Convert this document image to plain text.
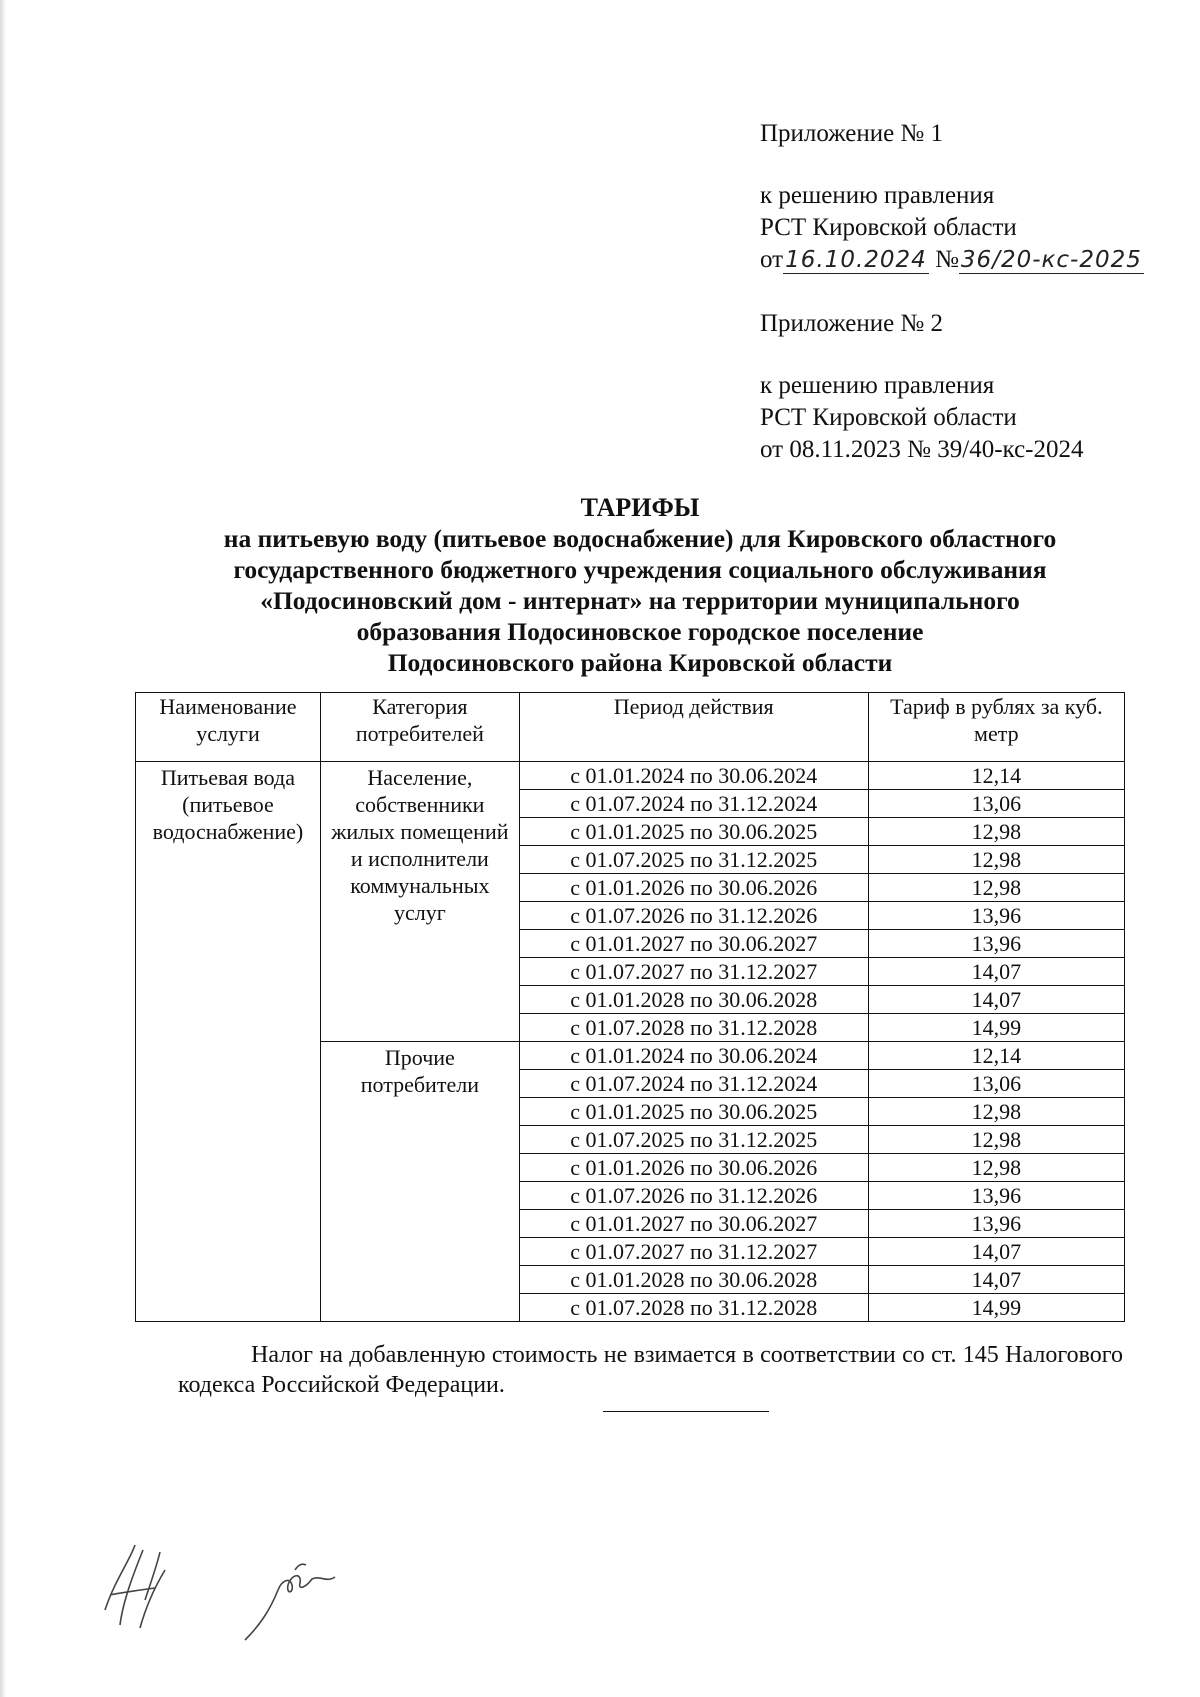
Приложение № 1
к решению правления
РСТ Кировской области
от16.10.2024 №36/20-кс-2025
Приложение № 2
к решению правления
РСТ Кировской области
от 08.11.2023 № 39/40-кс-2024
ТАРИФЫ
на питьевую воду (питьевое водоснабжение) для Кировского областного
государственного бюджетного учреждения социального обслуживания
«Подосиновский дом - интернат» на территории муниципального
образования Подосиновское городское поселение
Подосиновского района Кировской области
Наименование услуги	Категория потребителей	Период действия	Тариф в рублях за куб. метр
Питьевая вода (питьевое водоснабжение)	Население, собственники жилых помещений и исполнители коммунальных услуг	с 01.01.2024 по 30.06.2024	12,14
		с 01.07.2024 по 31.12.2024	13,06
		с 01.01.2025 по 30.06.2025	12,98
		с 01.07.2025 по 31.12.2025	12,98
		с 01.01.2026 по 30.06.2026	12,98
		с 01.07.2026 по 31.12.2026	13,96
		с 01.01.2027 по 30.06.2027	13,96
		с 01.07.2027 по 31.12.2027	14,07
		с 01.01.2028 по 30.06.2028	14,07
		с 01.07.2028 по 31.12.2028	14,99
	Прочие потребители	с 01.01.2024 по 30.06.2024	12,14
		с 01.07.2024 по 31.12.2024	13,06
		с 01.01.2025 по 30.06.2025	12,98
		с 01.07.2025 по 31.12.2025	12,98
		с 01.01.2026 по 30.06.2026	12,98
		с 01.07.2026 по 31.12.2026	13,96
		с 01.01.2027 по 30.06.2027	13,96
		с 01.07.2027 по 31.12.2027	14,07
		с 01.01.2028 по 30.06.2028	14,07
		с 01.07.2028 по 31.12.2028	14,99
Налог на добавленную стоимость не взимается в соответствии со ст. 145 Налогового кодекса Российской Федерации.
